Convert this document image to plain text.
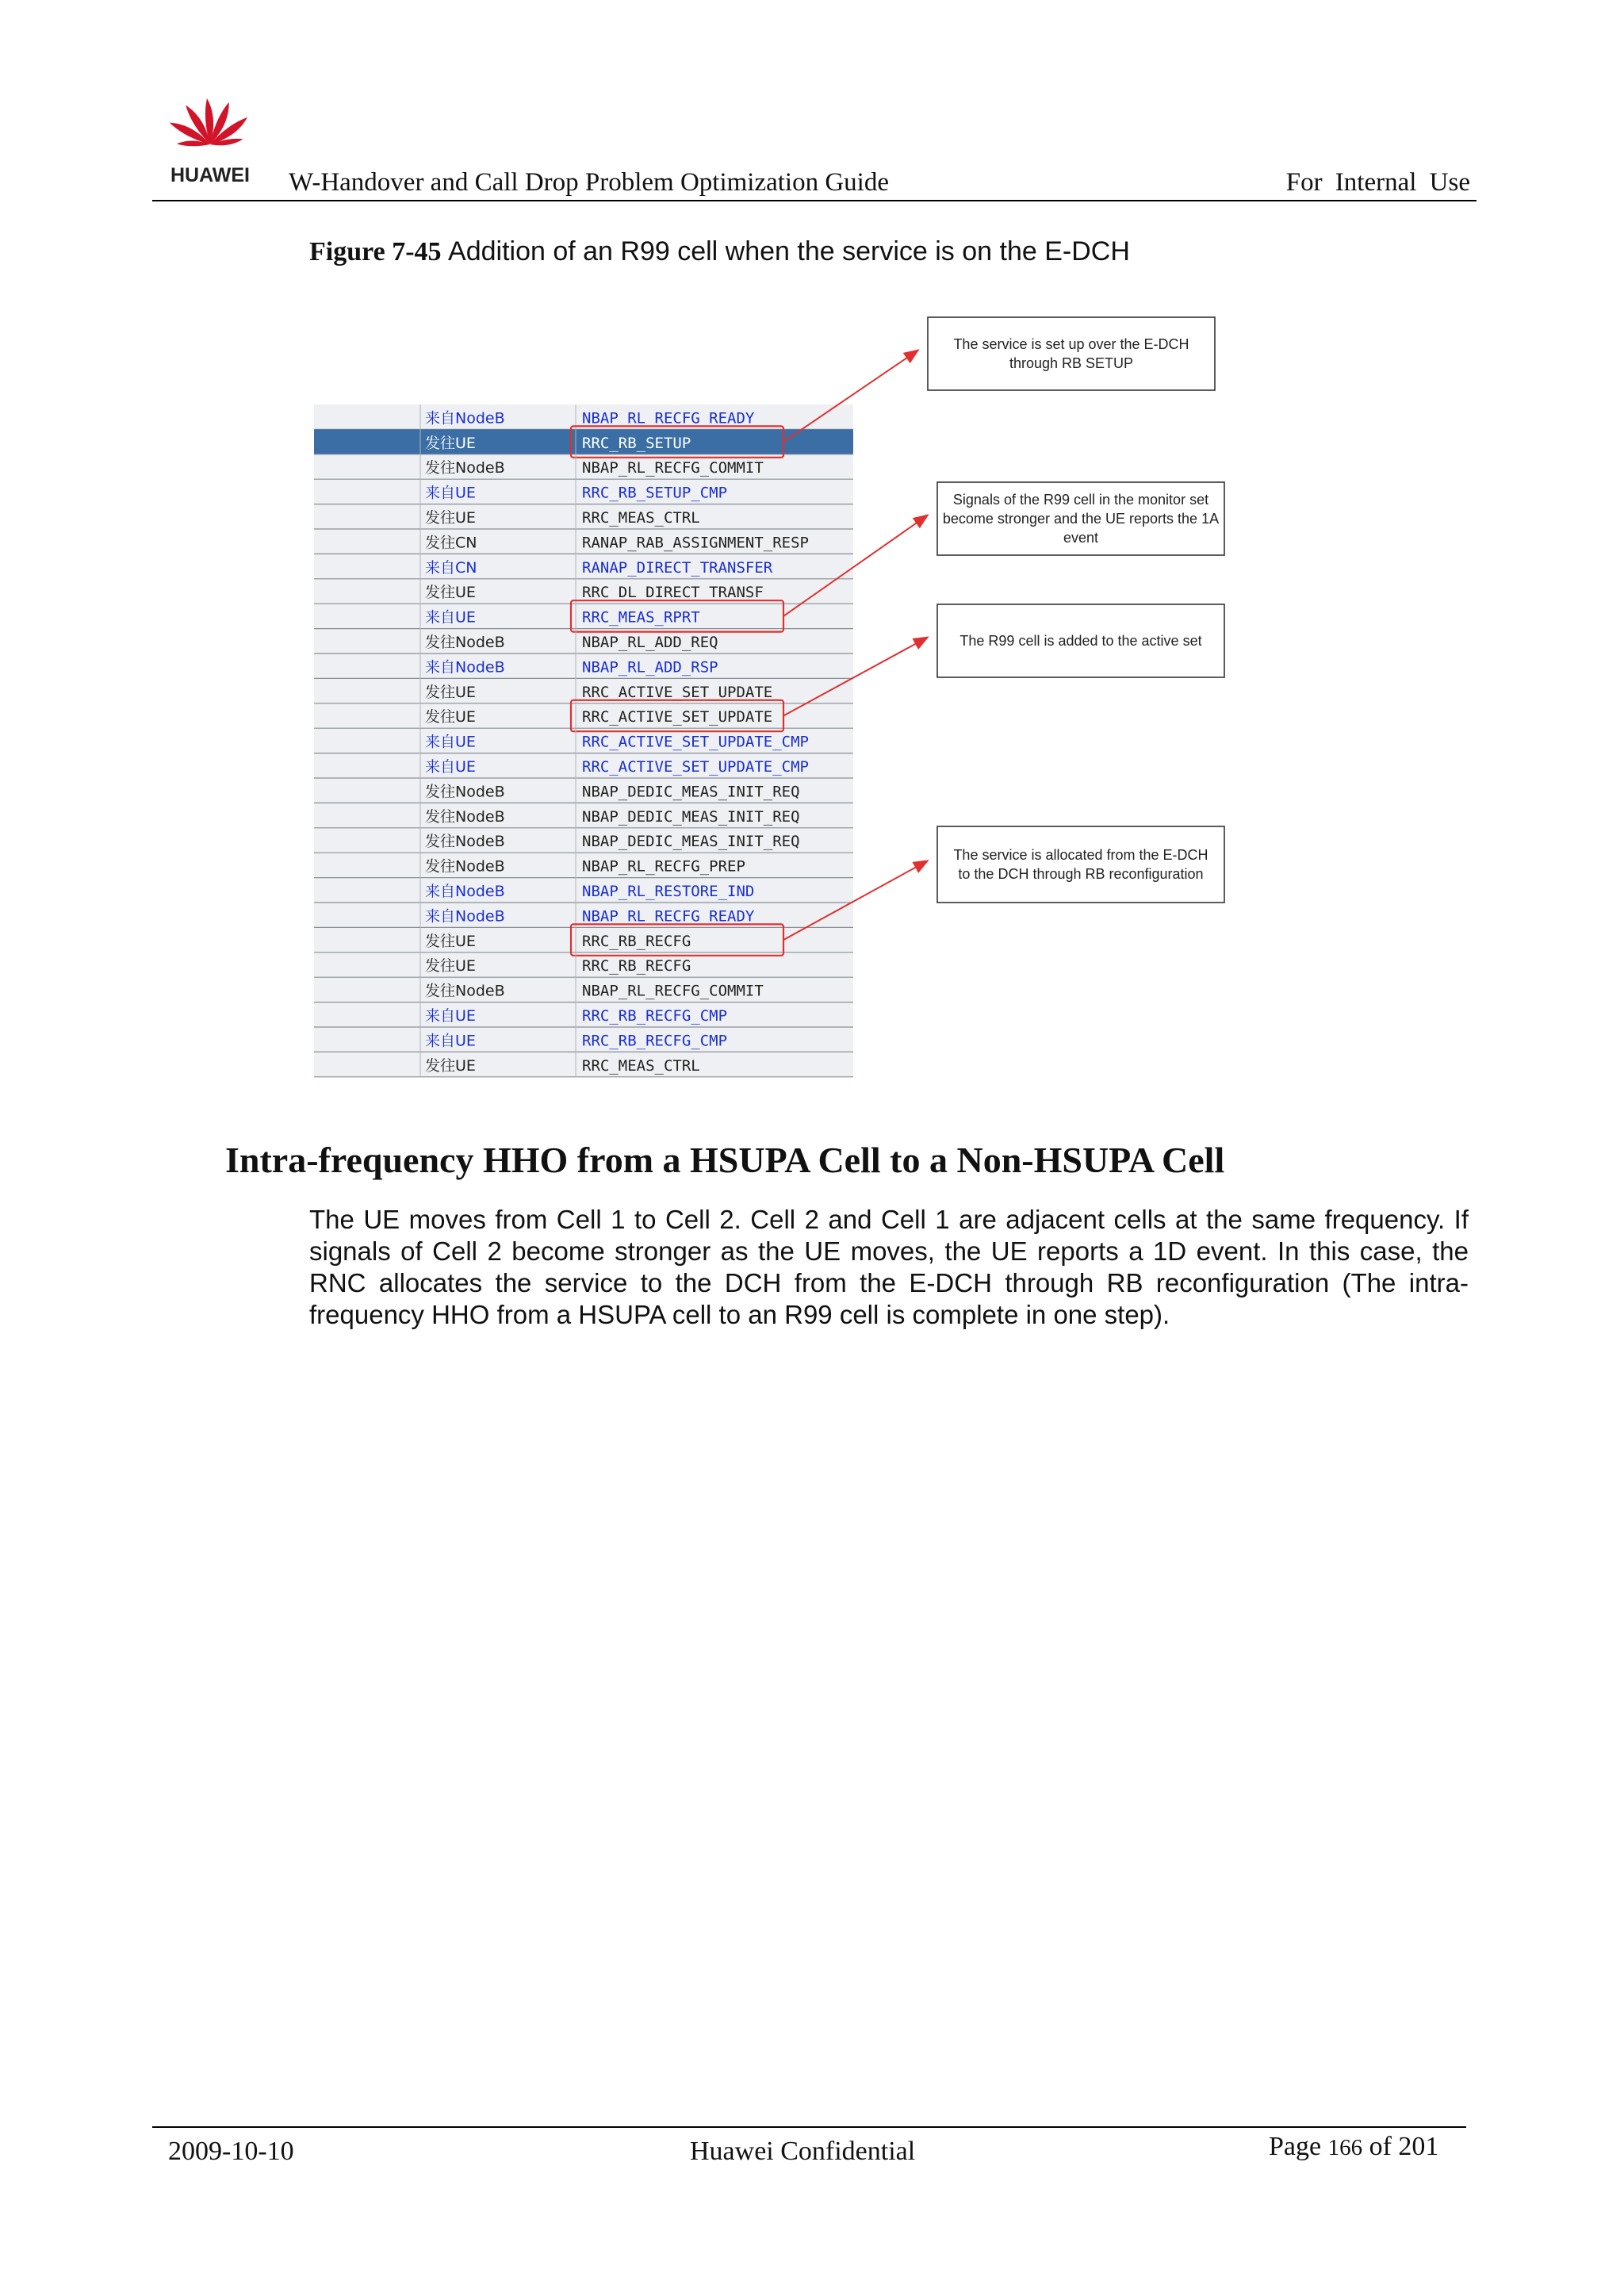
HUAWEI W-Handover and Call Drop Problem Optimization Guide	For Internal Use
Figure 7-45 Addition of an R99 cell when the service is on the E-DCH
来自NodeB	NBAP_RL_RECFG_READY
发往UE	RRC_RB_SETUP
发往NodeB	NBAP_RL_RECFG_COMMIT
来自UE	RRC_RB_SETUP_CMP
发往UE	RRC_MEAS_CTRL
发往CN	RANAP_RAB_ASSIGNMENT_RESP
来自CN	RANAP_DIRECT_TRANSFER
发往UE	RRC_DL_DIRECT_TRANSF
来自UE	RRC_MEAS_RPRT
发往NodeB	NBAP_RL_ADD_REQ
来自NodeB	NBAP_RL_ADD_RSP
发往UE	RRC_ACTIVE_SET_UPDATE
发往UE	RRC_ACTIVE_SET_UPDATE
来自UE	RRC_ACTIVE_SET_UPDATE_CMP
来自UE	RRC_ACTIVE_SET_UPDATE_CMP
发往NodeB	NBAP_DEDIC_MEAS_INIT_REQ
发往NodeB	NBAP_DEDIC_MEAS_INIT_REQ
发往NodeB	NBAP_DEDIC_MEAS_INIT_REQ
发往NodeB	NBAP_RL_RECFG_PREP
来自NodeB	NBAP_RL_RESTORE_IND
来自NodeB	NBAP_RL_RECFG_READY
发往UE	RRC_RB_RECFG
发往UE	RRC_RB_RECFG
发往NodeB	NBAP_RL_RECFG_COMMIT
来自UE	RRC_RB_RECFG_CMP
来自UE	RRC_RB_RECFG_CMP
发往UE	RRC_MEAS_CTRL
The service is set up over the E-DCH
through RB SETUP
Signals of the R99 cell in the monitor set
become stronger and the UE reports the 1A
event
The R99 cell is added to the active set
The service is allocated from the E-DCH
to the DCH through RB reconfiguration
Intra-frequency HHO from a HSUPA Cell to a Non-HSUPA Cell
The UE moves from Cell 1 to Cell 2. Cell 2 and Cell 1 are adjacent cells at the same frequency. If signals of Cell 2 become stronger as the UE moves, the UE reports a 1D event. In this case, the RNC allocates the service to the DCH from the E-DCH through RB reconfiguration (The intra-frequency HHO from a HSUPA cell to an R99 cell is complete in one step).
2009-10-10	Huawei Confidential	Page 166 of 201
